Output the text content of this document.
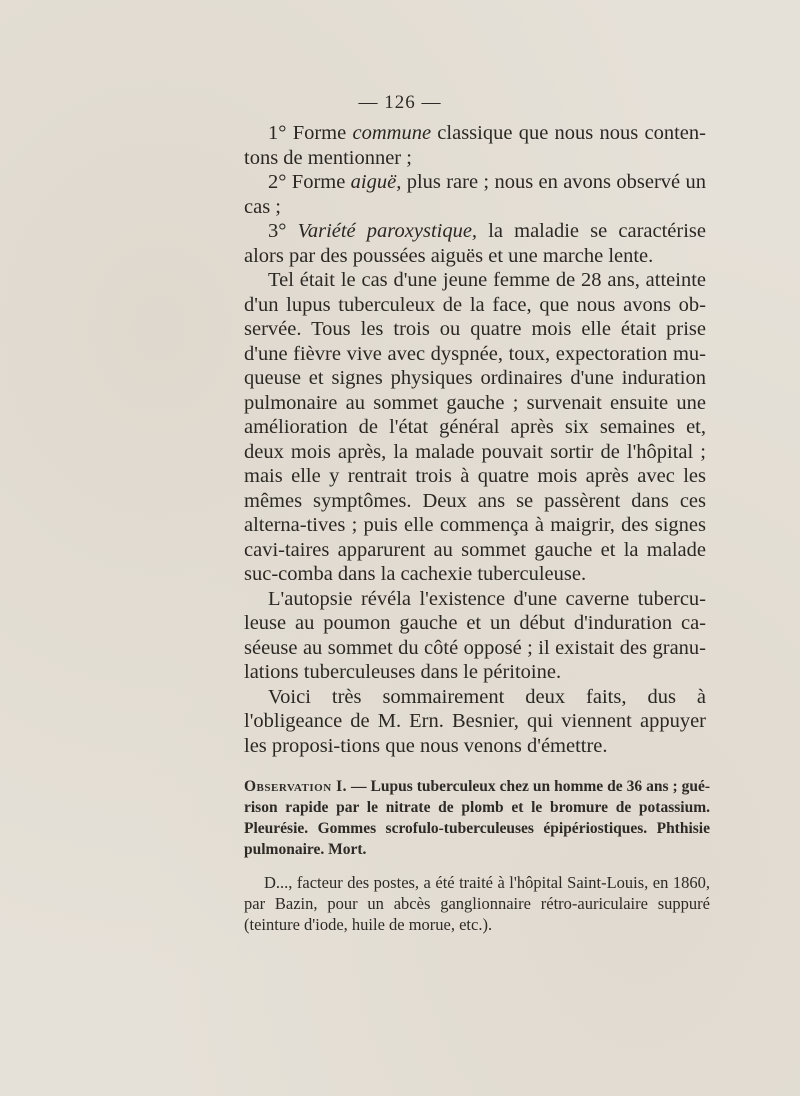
— 126 —

1° Forme commune classique que nous nous conten-tons de mentionner ;

2° Forme aiguë, plus rare ; nous en avons observé un cas ;

3° Variété paroxystique, la maladie se caractérise alors par des poussées aiguës et une marche lente.

Tel était le cas d'une jeune femme de 28 ans, atteinte d'un lupus tuberculeux de la face, que nous avons ob-servée. Tous les trois ou quatre mois elle était prise d'une fièvre vive avec dyspnée, toux, expectoration mu-queuse et signes physiques ordinaires d'une induration pulmonaire au sommet gauche ; survenait ensuite une amélioration de l'état général après six semaines et, deux mois après, la malade pouvait sortir de l'hôpital ; mais elle y rentrait trois à quatre mois après avec les mêmes symptômes. Deux ans se passèrent dans ces alterna-tives ; puis elle commença à maigrir, des signes cavi-taires apparurent au sommet gauche et la malade suc-comba dans la cachexie tuberculeuse.

L'autopsie révéla l'existence d'une caverne tubercu-leuse au poumon gauche et un début d'induration ca-séeuse au sommet du côté opposé ; il existait des granu-lations tuberculeuses dans le péritoine.

Voici très sommairement deux faits, dus à l'obligeance de M. Ern. Besnier, qui viennent appuyer les proposi-tions que nous venons d'émettre.

Observation I. — Lupus tuberculeux chez un homme de 36 ans ; gué-rison rapide par le nitrate de plomb et le bromure de potassium. Pleurésie. Gommes scrofulo-tuberculeuses épipériostiques. Phthisie pulmonaire. Mort.

D..., facteur des postes, a été traité à l'hôpital Saint-Louis, en 1860, par Bazin, pour un abcès ganglionnaire rétro-auriculaire suppuré (teinture d'iode, huile de morue, etc.).
